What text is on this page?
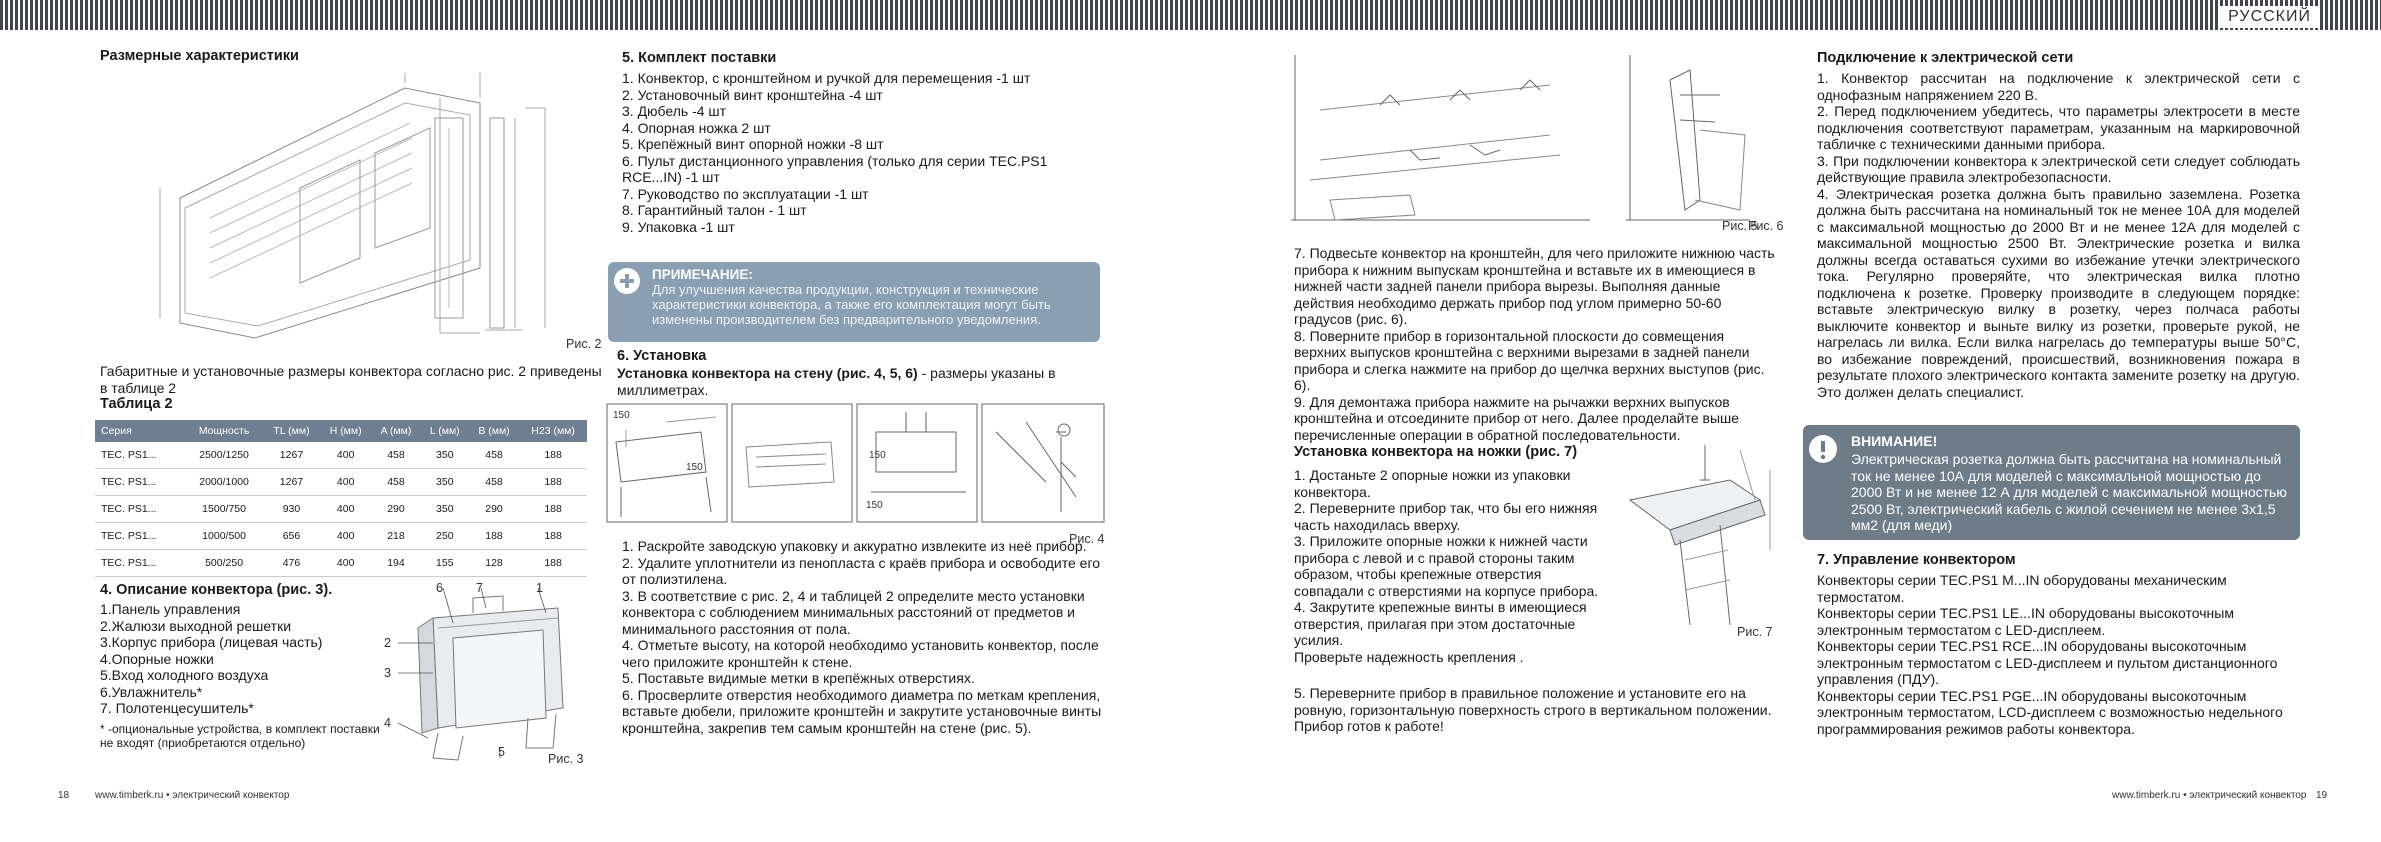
РУССКИЙ
Размерные характеристики
Рис. 2
Габаритные и установочные размеры конвектора согласно рис. 2 приведены в таблице 2
Таблица 2
Серия	Мощность	TL (мм)	H (мм)	A (мм)	L (мм)	B (мм)	H23 (мм)
TEC. PS1...	2500/1250	1267	400	458	350	458	188
TEC. PS1...	2000/1000	1267	400	458	350	458	188
TEC. PS1...	1500/750	930	400	290	350	290	188
TEC. PS1...	1000/500	656	400	218	250	188	188
TEC. PS1...	500/250	476	400	194	155	128	188
4. Описание конвектора (рис. 3).
1.Панель управления
2.Жалюзи выходной решетки
3.Корпус прибора (лицевая часть)
4.Опорные ножки
5.Вход холодного воздуха
6.Увлажнитель*
7. Полотенцесушитель*
* -опциональные устройства, в комплект поставки не входят (приобретаются отдельно)
6	7	1
2
3
4
5	Рис. 3
5. Комплект поставки
1. Конвектор, с кронштейном и ручкой для перемещения -1 шт
2. Установочный винт кронштейна -4 шт
3. Дюбель -4 шт
4. Опорная ножка 2 шт
5. Крепёжный винт опорной ножки -8 шт
6. Пульт дистанционного управления (только для серии TEC.PS1 RCE...IN) -1 шт
7. Руководство по эксплуатации -1 шт
8. Гарантийный талон - 1 шт
9. Упаковка -1 шт
ПРИМЕЧАНИЕ:
Для улучшения качества продукции, конструкция и технические характеристики конвектора, а также его комплектация могут быть изменены производителем без предварительного уведомления.
6. Установка
Установка конвектора на стену (рис. 4, 5, 6) - размеры указаны в миллиметрах.
150
150
150
150
Рис. 4
1. Раскройте заводскую упаковку и аккуратно извлеките из неё прибор.
2. Удалите уплотнители из пенопласта с краёв прибора и освободите его от полиэтилена.
3. В соответствие с рис. 2, 4 и таблицей 2 определите место установки конвектора с соблюдением минимальных расстояний от предметов и минимального расстояния от пола.
4. Отметьте высоту, на которой необходимо установить конвектор, после чего приложите кронштейн к стене.
5. Поставьте видимые метки в крепёжных отверстиях.
6. Просверлите отверстия необходимого диаметра по меткам крепления, вставьте дюбели, приложите кронштейн и закрутите установочные винты кронштейна, закрепив тем самым кронштейн на стене (рис. 5).
18	www.timberk.ru • электрический конвектор
Рис. 5
Рис. 6
7. Подвесьте конвектор на кронштейн, для чего приложите нижнюю часть прибора к нижним выпускам кронштейна и вставьте их в имеющиеся в нижней части задней панели прибора вырезы. Выполняя данные действия необходимо держать прибор под углом примерно 50-60 градусов (рис. 6).
8. Поверните прибор в горизонтальной плоскости до совмещения верхних выпусков кронштейна с верхними вырезами в задней панели прибора и слегка нажмите на прибор до щелчка верхних выступов (рис. 6).
9. Для демонтажа прибора нажмите на рычажки верхних выпусков кронштейна и отсоедините прибор от него. Далее проделайте выше перечисленные операции в обратной последовательности.
Установка конвектора на ножки (рис. 7)
1. Достаньте 2 опорные ножки из упаковки конвектора.
2. Переверните прибор так, что бы его нижняя часть находилась вверху.
3. Приложите опорные ножки к нижней части прибора с левой и с правой стороны таким образом, чтобы крепежные отверстия совпадали с отверстиями на корпусе прибора.
4. Закрутите крепежные винты в имеющиеся отверстия, прилагая при этом достаточные усилия.
Проверьте надежность крепления .
Рис. 7
5. Переверните прибор в правильное положение и установите его на ровную, горизонтальную поверхность строго в вертикальном положении.
Прибор готов к работе!
Подключение к электрической сети
1. Конвектор рассчитан на подключение к электрической сети с однофазным напряжением 220 В.
2. Перед подключением убедитесь, что параметры электросети в месте подключения соответствуют параметрам, указанным на маркировочной табличке с техническими данными прибора.
3. При подключении конвектора к электрической сети следует соблюдать действующие правила электробезопасности.
4. Электрическая розетка должна быть правильно заземлена. Розетка должна быть рассчитана на номинальный ток не менее 10А для моделей с максимальной мощностью до 2000 Вт и не менее 12А для моделей с максимальной мощностью 2500 Вт. Электрические розетка и вилка должны всегда оставаться сухими во избежание утечки электрического тока. Регулярно проверяйте, что электрическая вилка плотно подключена к розетке. Проверку производите в следующем порядке: вставьте электрическую вилку в розетку, через полчаса работы выключите конвектор и выньте вилку из розетки, проверьте рукой, не нагрелась ли вилка. Если вилка нагрелась до температуры выше 50°С, во избежание повреждений, происшествий, возникновения пожара в результате плохого электрического контакта замените розетку на другую. Это должен делать специалист.
ВНИМАНИЕ!
Электрическая розетка должна быть рассчитана на номинальный ток не менее 10А для моделей с максимальной мощностью до 2000 Вт и не менее 12 А для моделей с максимальной мощностью 2500 Вт, электрический кабель с жилой сечением не менее 3х1,5 мм2 (для меди)
7. Управление конвектором
Конвекторы серии TEC.PS1 M...IN оборудованы механическим термостатом.
Конвекторы серии TEC.PS1 LE...IN оборудованы высокоточным электронным термостатом с LED-дисплеем.
Конвекторы серии TEC.PS1 RCE...IN оборудованы высокоточным электронным термостатом с LED-дисплеем и пультом дистанционного управления (ПДУ).
Конвекторы серии TEC.PS1 PGE...IN оборудованы высокоточным электронным термостатом, LCD-дисплеем с возможностью недельного программирования режимов работы конвектора.
www.timberk.ru • электрический конвектор 19
